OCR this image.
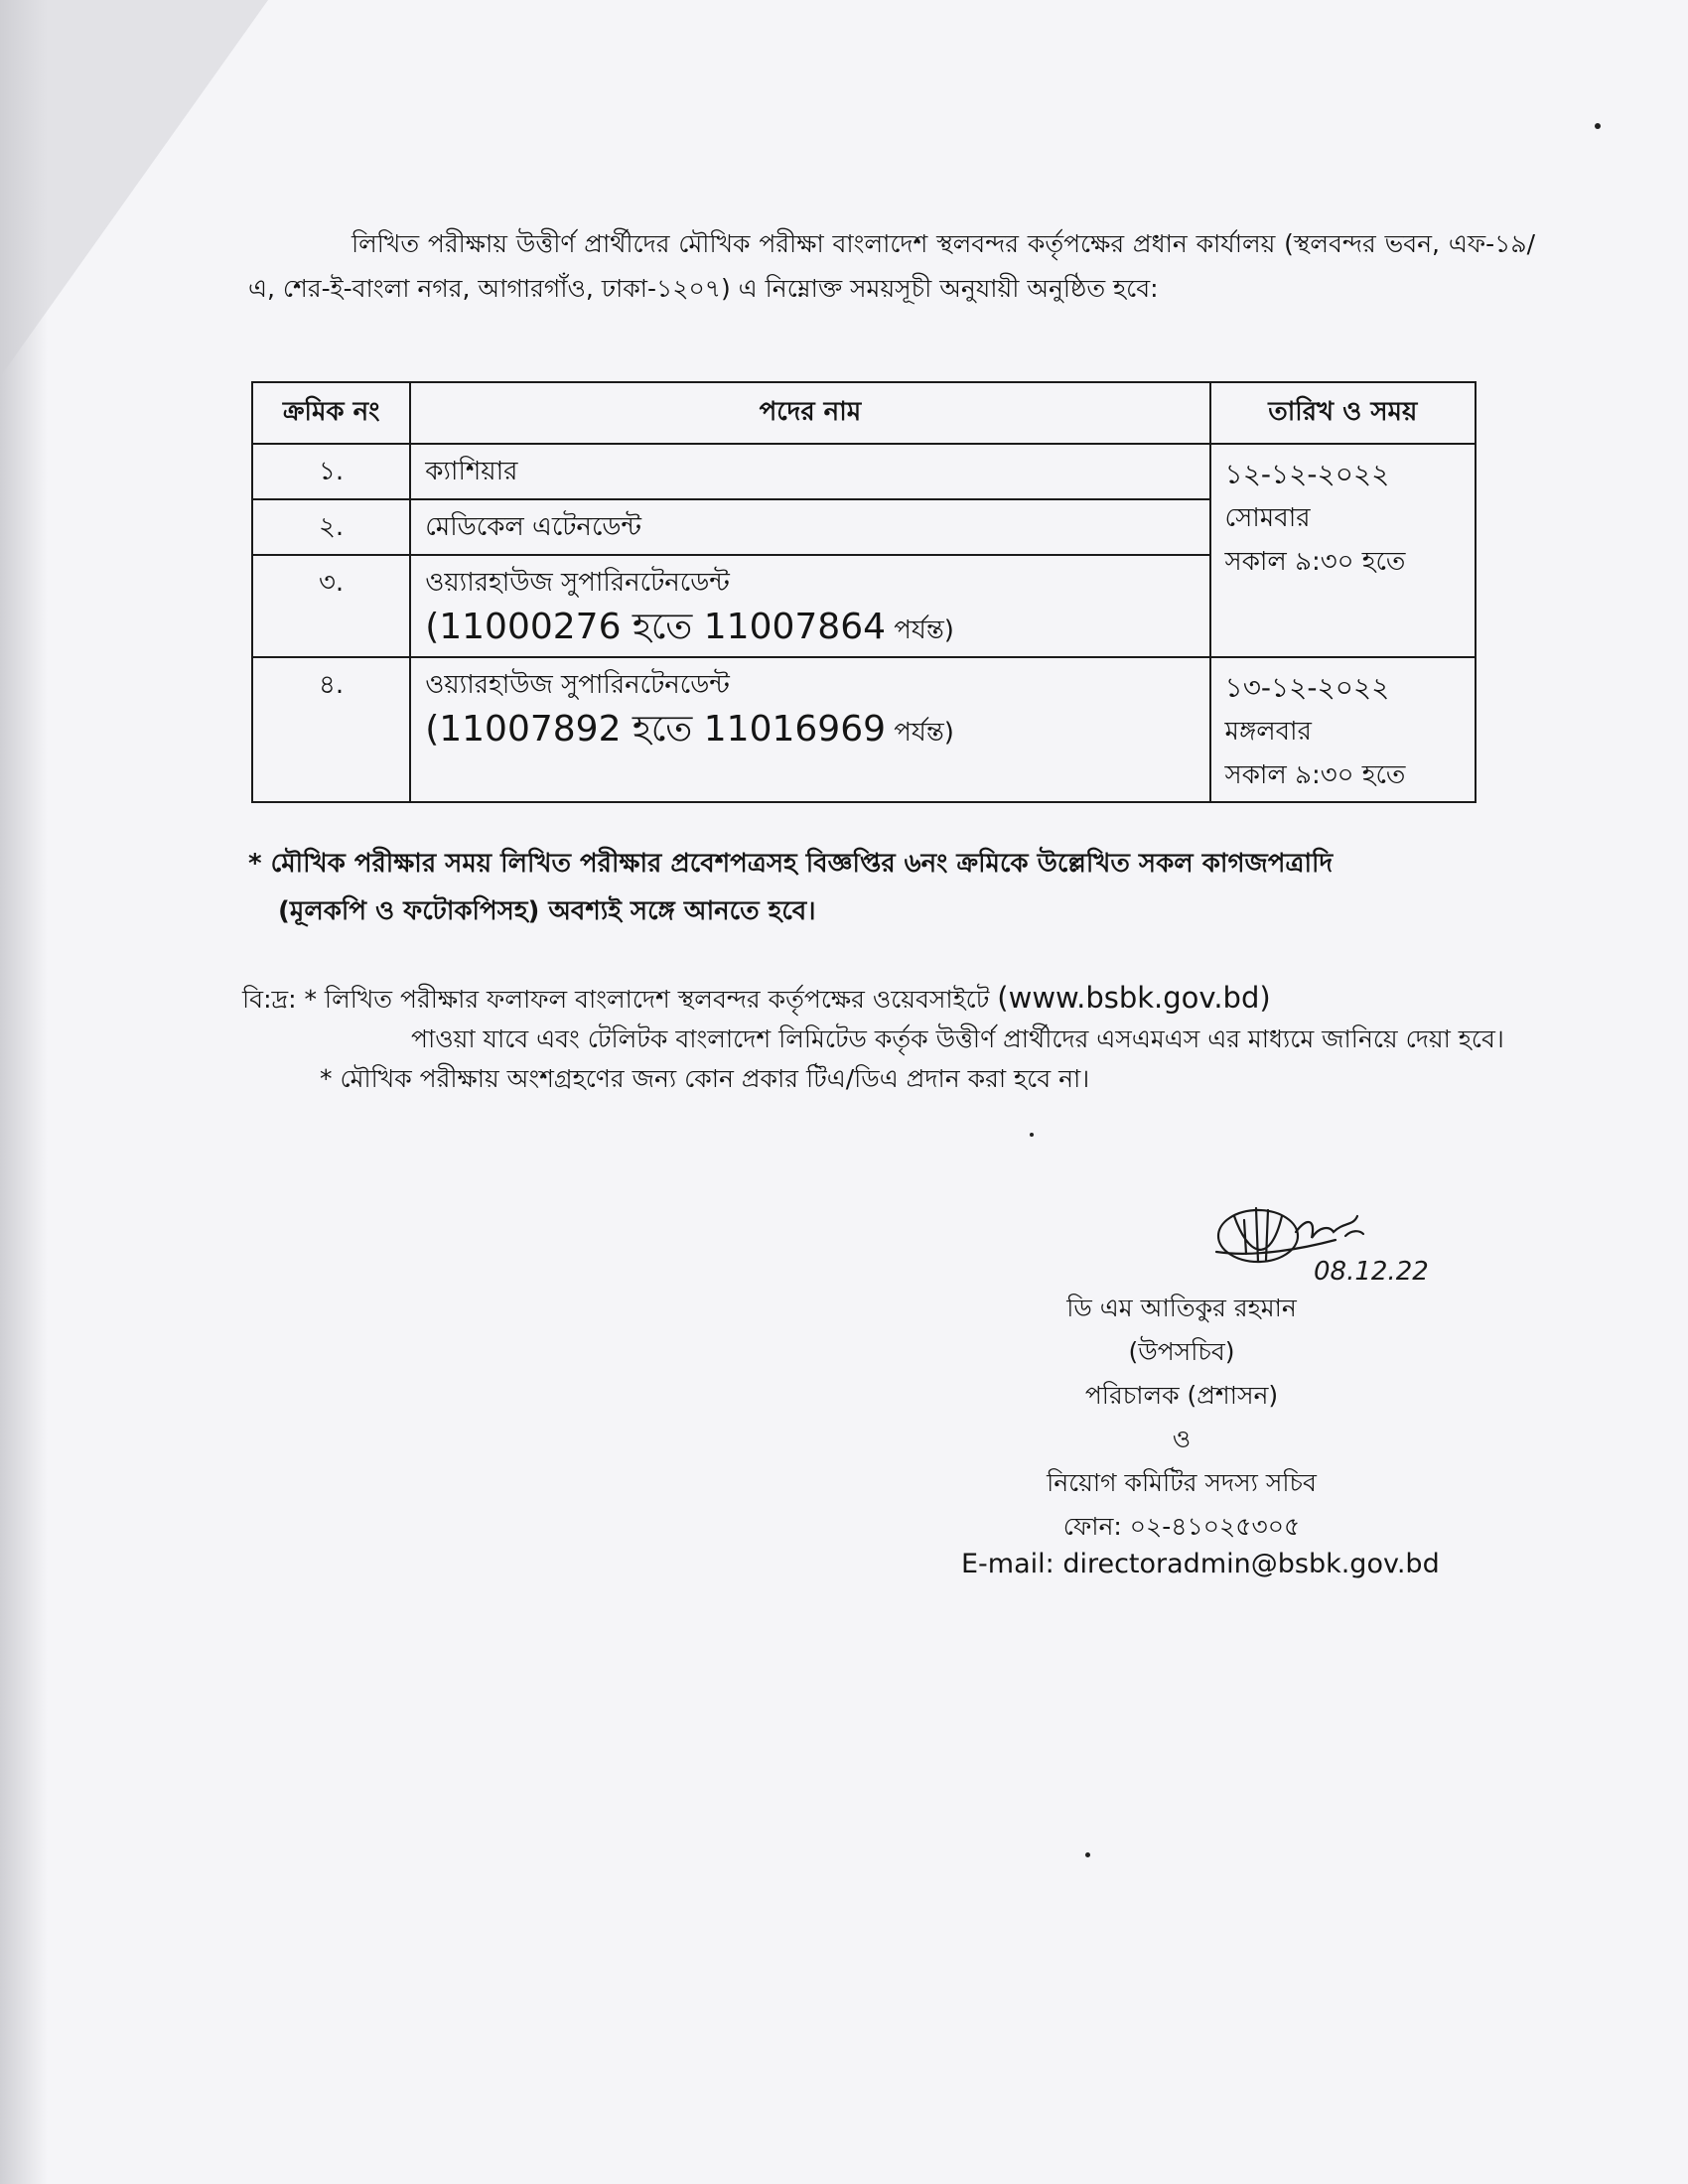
লিখিত পরীক্ষায় উত্তীর্ণ প্রার্থীদের মৌখিক পরীক্ষা বাংলাদেশ স্থলবন্দর কর্তৃপক্ষের প্রধান কার্যালয় (স্থলবন্দর ভবন, এফ-১৯/এ, শের-ই-বাংলা নগর, আগারগাঁও, ঢাকা-১২০৭) এ নিম্নোক্ত সময়সূচী অনুযায়ী অনুষ্ঠিত হবে:

ক্রমিক নং	পদের নাম	তারিখ ও সময়
১.	ক্যাশিয়ার	১২-১২-২০২২
সোমবার
সকাল ৯:৩০ হতে
২.	মেডিকেল এটেনডেন্ট	
৩.	ওয়্যারহাউজ সুপারিনটেনডেন্ট
(11000276 হতে 11007864 পর্যন্ত)	

৪.	ওয়্যারহাউজ সুপারিনটেনডেন্ট
(11007892 হতে 11016969 পর্যন্ত)	১৩-১২-২০২২
মঙ্গলবার
সকাল ৯:৩০ হতে
* মৌখিক পরীক্ষার সময় লিখিত পরীক্ষার প্রবেশপত্রসহ বিজ্ঞপ্তির ৬নং ক্রমিকে উল্লেখিত সকল কাগজপত্রাদি
(মূলকপি ও ফটোকপিসহ) অবশ্যই সঙ্গে আনতে হবে।
বি:দ্র: * লিখিত পরীক্ষার ফলাফল বাংলাদেশ স্থলবন্দর কর্তৃপক্ষের ওয়েবসাইটে (www.bsbk.gov.bd)
পাওয়া যাবে এবং টেলিটক বাংলাদেশ লিমিটেড কর্তৃক উত্তীর্ণ প্রার্থীদের এসএমএস এর মাধ্যমে জানিয়ে দেয়া হবে।
* মৌখিক পরীক্ষায় অংশগ্রহণের জন্য কোন প্রকার টিএ/ডিএ প্রদান করা হবে না।
08.12.22
ডি এম আতিকুর রহমান
(উপসচিব)
পরিচালক (প্রশাসন)
ও
নিয়োগ কমিটির সদস্য সচিব
ফোন: ০২-৪১০২৫৩০৫
E-mail: directoradmin@bsbk.gov.bd
